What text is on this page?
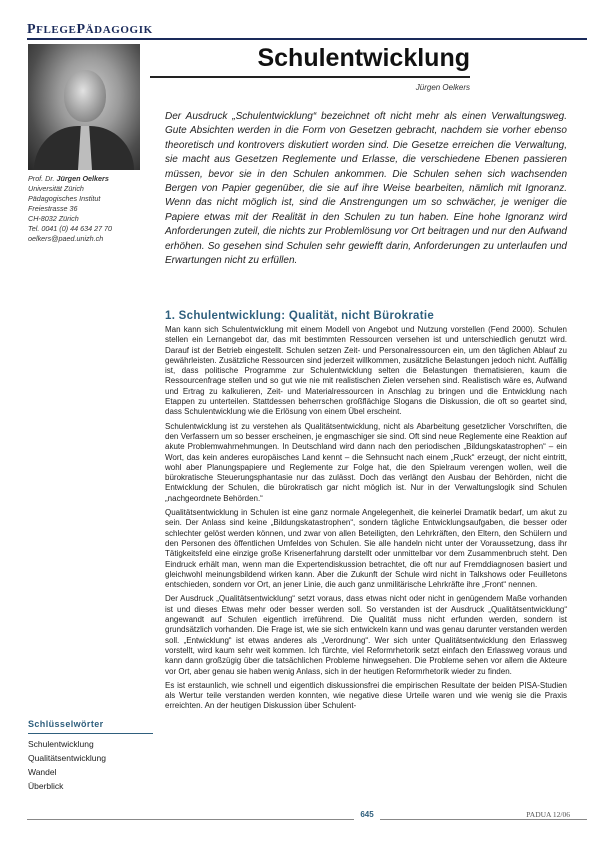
PFLEGEPÄDAGOGIK
Schulentwicklung
Jürgen Oelkers
Prof. Dr. Jürgen Oelkers
Universität Zürich
Pädagogisches Institut
Freiestrasse 36
CH-8032 Zürich
Tel. 0041 (0) 44 634 27 70
oelkers@paed.unizh.ch
Der Ausdruck „Schulentwicklung“ bezeichnet oft nicht mehr als einen Verwaltungsweg. Gute Absichten werden in die Form von Gesetzen gebracht, nachdem sie vorher ebenso theoretisch und kontrovers diskutiert worden sind. Die Gesetze erreichen die Verwaltung, sie macht aus Gesetzen Reglemente und Erlasse, die verschiedene Ebenen passieren müssen, bevor sie in den Schulen ankommen. Die Schulen sehen sich wachsenden Bergen von Papier gegenüber, die sie auf ihre Weise bearbeiten, nämlich mit Ignoranz. Wenn das nicht möglich ist, sind die Anstrengungen um so schwächer, je weniger die Papiere etwas mit der Realität in den Schulen zu tun haben. Eine hohe Ignoranz wird Anforderungen zuteil, die nichts zur Problemlösung vor Ort beitragen und nur den Aufwand erhöhen. So gesehen sind Schulen sehr gewiefft darin, Anforderungen zu unterlaufen und Erwartungen nicht zu erfüllen.
1. Schulentwicklung: Qualität, nicht Bürokratie

Man kann sich Schulentwicklung mit einem Modell von Angebot und Nutzung vorstellen (Fend 2000). Schulen stellen ein Lernangebot dar, das mit bestimmten Ressourcen versehen ist und unterschiedlich genutzt wird. Darauf ist der Betrieb eingestellt. Schulen setzen Zeit- und Personalressourcen ein, um den täglichen Ablauf zu gewährleisten. Zusätzliche Ressourcen sind jederzeit willkommen, zusätzliche Belastungen jedoch nicht. Auffällig ist, dass politische Programme zur Schulentwicklung selten die Belastungen thematisieren, kaum die Ressourcenfrage stellen und so gut wie nie mit realistischen Zielen versehen sind. Realistisch wäre es, Aufwand und Ertrag zu kalkulieren, Zeit- und Materialressourcen in Anschlag zu bringen und die Entwicklung nach Etappen zu unterteilen. Stattdessen beherrschen großflächige Slogans die Diskussion, die oft so geartet sind, dass Schulentwicklung wie die Erlösung von einem Übel erscheint.

Schulentwicklung ist zu verstehen als Qualitätsentwicklung, nicht als Abarbeitung gesetzlicher Vorschriften, die den Verfassern um so besser erscheinen, je engmaschiger sie sind. Oft sind neue Reglemente eine Reaktion auf akute Problemwahrnehmungen. In Deutschland wird dann nach den periodischen „Bildungskatastrophen“ – ein Wort, das kein anderes europäisches Land kennt – die Sehnsucht nach einem „Ruck“ erzeugt, der nicht eintritt, wohl aber Planungspapiere und Reglemente zur Folge hat, die den Spielraum verengen wollen, weil die bürokratische Steuerungsphantasie nur das zulässt. Doch das verlängt den Ausbau der Behörden, nicht die Entwicklung der Schulen, die bürokratisch gar nicht möglich ist. Nur in der Verwaltungslogik sind Schulen „nachgeordnete Behörden.“

Qualitätsentwicklung in Schulen ist eine ganz normale Angelegenheit, die keinerlei Dramatik bedarf, um akut zu sein. Der Anlass sind keine „Bildungskatastrophen“, sondern tägliche Entwicklungsaufgaben, die besser oder schlechter gelöst werden können, und zwar von allen Beteiligten, den Lehrkräften, den Eltern, den Schülern und den Personen des öffentlichen Umfeldes von Schulen. Sie alle handeln nicht unter der Voraussetzung, dass ihr Tätigkeitsfeld eine einzige große Krisenerfahrung darstellt oder unmittelbar vor dem Zusammenbruch steht. Den Eindruck erhält man, wenn man die Expertendiskussion betrachtet, die oft nur auf Fremddiagnosen basiert und gleichwohl meinungsbildend wirken kann. Aber die Zukunft der Schule wird nicht in Talkshows oder Feuilletons entschieden, sondern vor Ort, an jener Linie, die auch ganz unmilitärische Lehrkräfte ihre „Front“ nennen.

Der Ausdruck „Qualitätsentwicklung“ setzt voraus, dass etwas nicht oder nicht in genügendem Maße vorhanden ist und dieses Etwas mehr oder besser werden soll. So verstanden ist der Ausdruck „Qualitätsentwicklung“ angewandt auf Schulen eigentlich irreführend. Die Qualität muss nicht erfunden werden, sondern ist grundsätzlich vorhanden. Die Frage ist, wie sie sich entwickeln kann und was genau darunter verstanden werden soll. „Entwicklung“ ist etwas anderes als „Verordnung“. Wer sich unter Qualitätsentwicklung den Erlassweg vorstellt, wird kaum sehr weit kommen. Ich fürchte, viel Reformrhetorik setzt einfach den Erlassweg voraus und kann dann großzügig über die tatsächlichen Probleme hinwegsehen. Die Probleme sehen vor allem die Akteure vor Ort, aber genau sie haben wenig Anlass, sich in der heutigen Reformrhetorik wieder zu finden.

Es ist erstaunlich, wie schnell und eigentlich diskussionsfrei die empirischen Resultate der beiden PISA-Studien als Wertur teile verstanden werden konnten, wie negative diese Urteile waren und wie wenig sie die Praxis erreichten. An der heutigen Diskussion über Schulent-

Schlüsselwörter
Schulentwicklung
Qualitätsentwicklung
Wandel
Überblick
645	PADUA 12/06
